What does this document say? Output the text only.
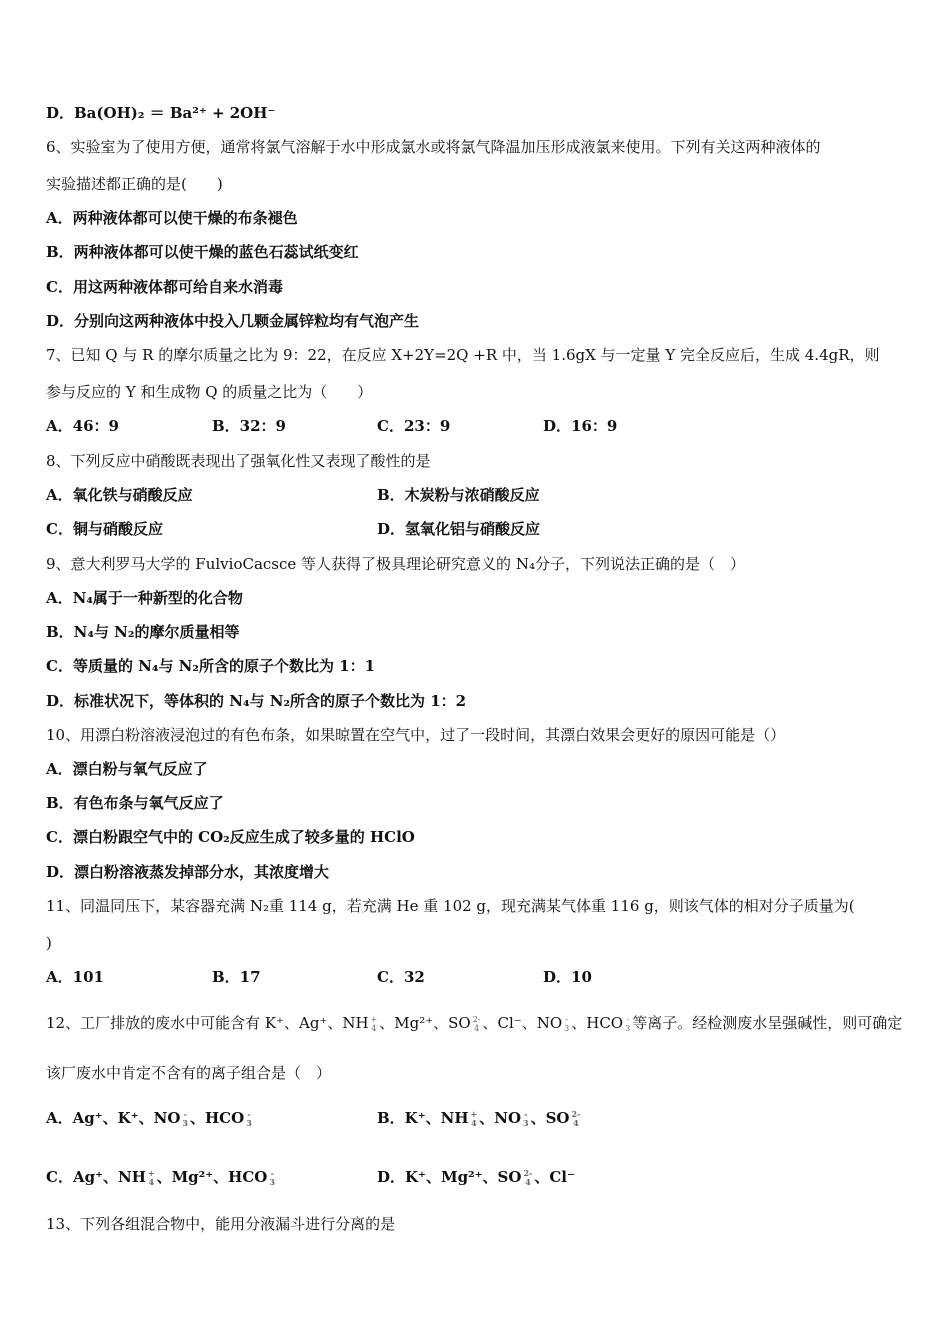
D．Ba(OH)₂ ＝ Ba²⁺ + 2OH⁻
6、实验室为了使用方便，通常将氯气溶解于水中形成氯水或将氯气降温加压形成液氯来使用。下列有关这两种液体的
实验描述都正确的是(　　)
A．两种液体都可以使干燥的布条褪色
B．两种液体都可以使干燥的蓝色石蕊试纸变红
C．用这两种液体都可给自来水消毒
D．分别向这两种液体中投入几颗金属锌粒均有气泡产生
7、已知 Q 与 R 的摩尔质量之比为 9：22，在反应 X+2Y=2Q +R 中，当 1.6gX 与一定量 Y 完全反应后，生成 4.4gR，则
参与反应的 Y 和生成物 Q 的质量之比为（　　）
A．46：9	B．32：9	C．23：9	D．16：9
8、下列反应中硝酸既表现出了强氧化性又表现了酸性的是
A．氧化铁与硝酸反应	B．木炭粉与浓硝酸反应
C．铜与硝酸反应	D．氢氧化铝与硝酸反应
9、意大利罗马大学的 FulvioCacsce 等人获得了极具理论研究意义的 N₄分子，下列说法正确的是（　）
A．N₄属于一种新型的化合物
B．N₄与 N₂的摩尔质量相等
C．等质量的 N₄与 N₂所含的原子个数比为 1：1
D．标准状况下，等体积的 N₄与 N₂所含的原子个数比为 1：2
10、用漂白粉溶液浸泡过的有色布条，如果晾置在空气中，过了一段时间，其漂白效果会更好的原因可能是（）
A．漂白粉与氧气反应了
B．有色布条与氧气反应了
C．漂白粉跟空气中的 CO₂反应生成了较多量的 HClO
D．漂白粉溶液蒸发掉部分水，其浓度增大
11、同温同压下，某容器充满 N₂重 114 g，若充满 He 重 102 g，现充满某气体重 116 g，则该气体的相对分子质量为(
)
A．101	B．17	C．32	D．10
12、工厂排放的废水中可能含有 K⁺、Ag⁺、NH +
4 、Mg²⁺、SO 2-
4 、Cl⁻、NO -
3 、HCO -
3 等离子。经检测废水呈强碱性，则可确定
该厂废水中肯定不含有的离子组合是（　）
A．Ag⁺、K⁺、NO -
3 、HCO -
3	B．K⁺、NH +
4 、NO -
3 、SO 2-
4
C．Ag⁺、NH +
4 、Mg²⁺、HCO -
3	D．K⁺、Mg²⁺、SO 2-
4 、Cl⁻
13、下列各组混合物中，能用分液漏斗进行分离的是
